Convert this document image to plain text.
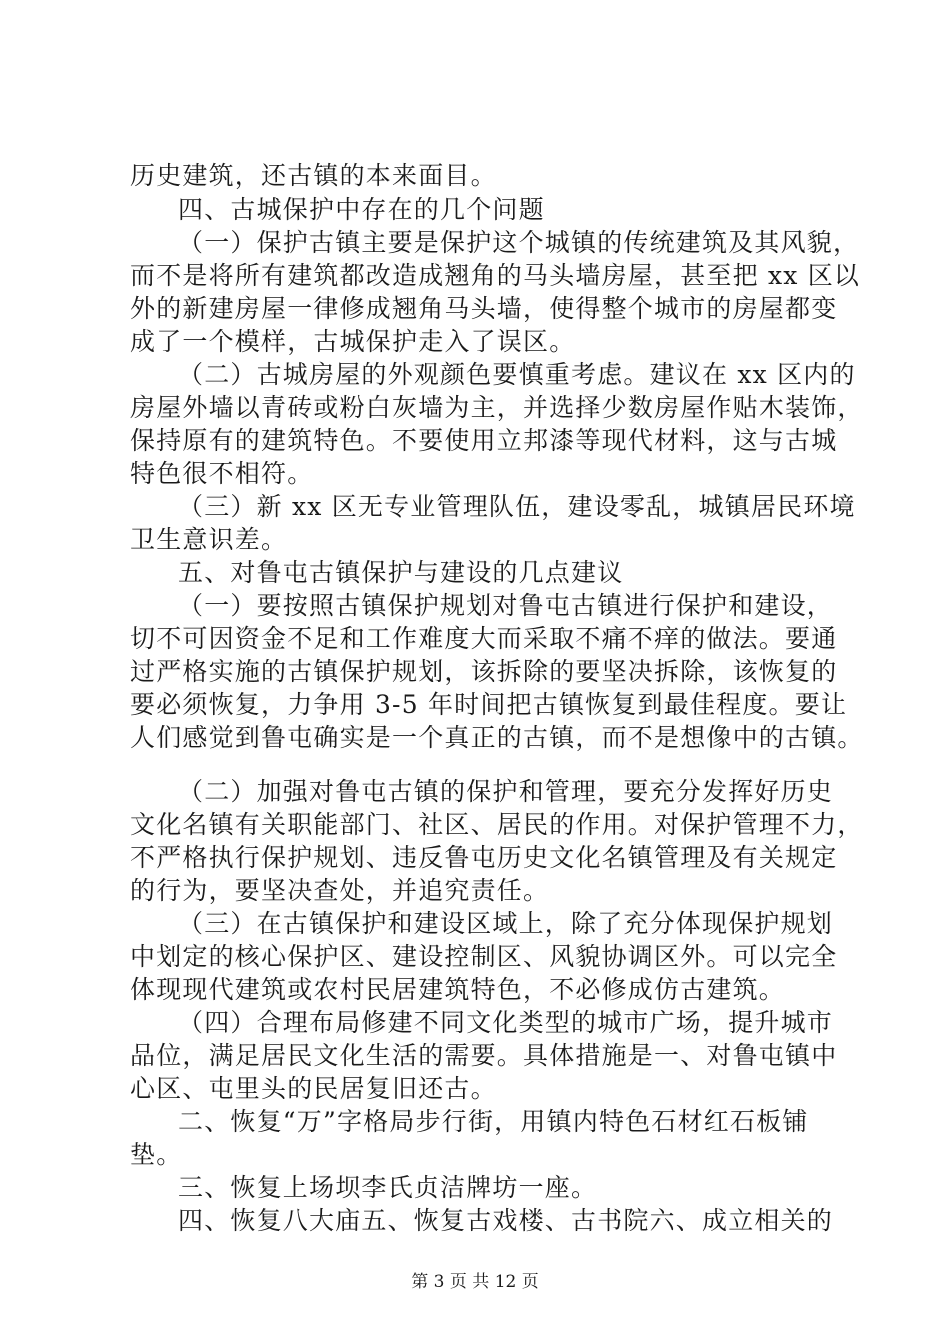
历史建筑，还古镇的本来面目。
四、古城保护中存在的几个问题
（一）保护古镇主要是保护这个城镇的传统建筑及其风貌，
而不是将所有建筑都改造成翘角的马头墙房屋，甚至把 xx 区以
外的新建房屋一律修成翘角马头墙，使得整个城市的房屋都变
成了一个模样，古城保护走入了误区。
（二）古城房屋的外观颜色要慎重考虑。建议在 xx 区内的
房屋外墙以青砖或粉白灰墙为主，并选择少数房屋作贴木装饰，
保持原有的建筑特色。不要使用立邦漆等现代材料，这与古城
特色很不相符。
（三）新 xx 区无专业管理队伍，建设零乱，城镇居民环境
卫生意识差。
五、对鲁屯古镇保护与建设的几点建议
（一）要按照古镇保护规划对鲁屯古镇进行保护和建设，
切不可因资金不足和工作难度大而采取不痛不痒的做法。要通
过严格实施的古镇保护规划，该拆除的要坚决拆除，该恢复的
要必须恢复，力争用 3-5 年时间把古镇恢复到最佳程度。要让
人们感觉到鲁屯确实是一个真正的古镇，而不是想像中的古镇。
（二）加强对鲁屯古镇的保护和管理，要充分发挥好历史
文化名镇有关职能部门、社区、居民的作用。对保护管理不力，
不严格执行保护规划、违反鲁屯历史文化名镇管理及有关规定
的行为，要坚决查处，并追究责任。
（三）在古镇保护和建设区域上，除了充分体现保护规划
中划定的核心保护区、建设控制区、风貌协调区外。可以完全
体现现代建筑或农村民居建筑特色，不必修成仿古建筑。
（四）合理布局修建不同文化类型的城市广场，提升城市
品位，满足居民文化生活的需要。具体措施是一、对鲁屯镇中
心区、屯里头的民居复旧还古。
二、恢复“万”字格局步行街，用镇内特色石材红石板铺
垫。
三、恢复上场坝李氏贞洁牌坊一座。
四、恢复八大庙五、恢复古戏楼、古书院六、成立相关的
第 3 页 共 12 页
